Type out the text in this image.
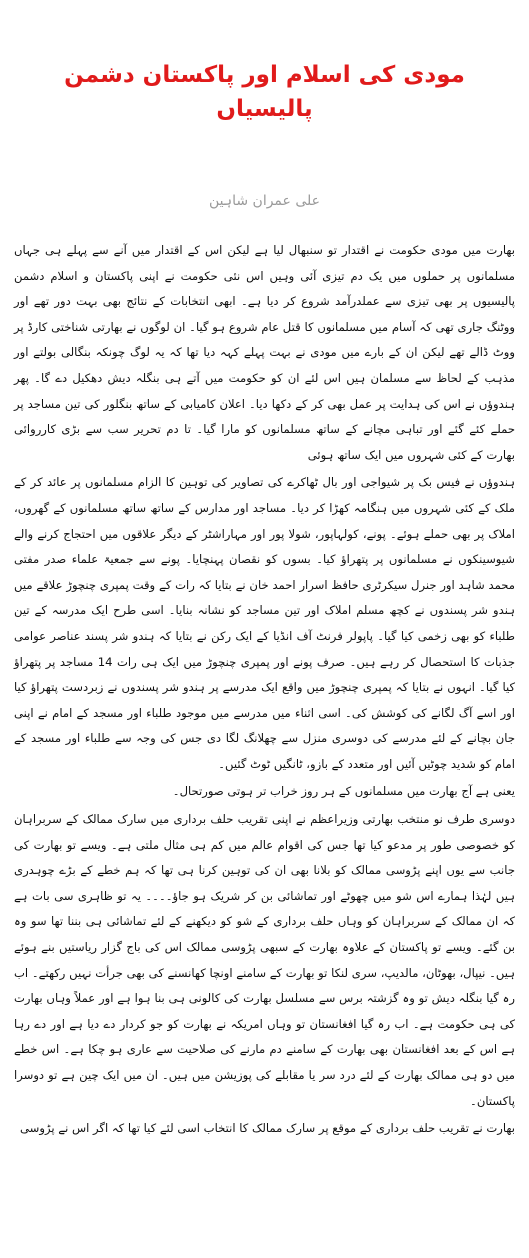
مودی کی اسلام اور پاکستان دشمن پالیسیاں
علی عمران شاہین

بھارت میں مودی حکومت نے اقتدار تو سنبھال لیا ہے لیکن اس کے اقتدار میں آنے سے پہلے ہی جہاں مسلمانوں پر حملوں میں یک دم تیزی آئی وہیں اس نئی حکومت نے اپنی پاکستان و اسلام دشمن پالیسیوں پر بھی تیزی سے عملدرآمد شروع کر دیا ہے۔ ابھی انتخابات کے نتائج بھی بہت دور تھے اور ووٹنگ جاری تھی کہ آسام میں مسلمانوں کا قتل عام شروع ہو گیا۔ ان لوگوں نے بھارتی شناختی کارڈ پر ووٹ ڈالے تھے لیکن ان کے بارے میں مودی نے بہت پہلے کہہ دیا تھا کہ یہ لوگ چونکہ بنگالی بولتے اور مذہب کے لحاظ سے مسلمان ہیں اس لئے ان کو حکومت میں آتے ہی بنگلہ دیش دھکیل دے گا۔ پھر ہندوؤں نے اس کی ہدایت پر عمل بھی کر کے دکھا دیا۔ اعلان کامیابی کے ساتھ بنگلور کی تین مساجد پر حملے کئے گئے اور تباہی مچانے کے ساتھ مسلمانوں کو مارا گیا۔ تا دم تحریر سب سے بڑی کارروائی بھارت کے کئی شہروں میں ایک ساتھ ہوئی

ہندوؤں نے فیس بک پر شیواجی اور بال ٹھاکرے کی تصاویر کی توہین کا الزام مسلمانوں پر عائد کر کے ملک کے کئی شہروں میں ہنگامہ کھڑا کر دیا۔ مساجد اور مدارس کے ساتھ ساتھ مسلمانوں کے گھروں، املاک پر بھی حملے ہوئے۔ پونے، کولہاپور، شولا پور اور مہاراشٹر کے دیگر علاقوں میں احتجاج کرنے والے شیوسینکوں نے مسلمانوں پر پتھراؤ کیا۔ بسوں کو نقصان پہنچایا۔ پونے سے جمعیۃ علماء صدر مفتی محمد شاہد اور جنرل سیکرٹری حافظ اسرار احمد خان نے بتایا کہ رات کے وقت پمپری چنچوڑ علاقے میں ہندو شر پسندوں نے کچھ مسلم املاک اور تین مساجد کو نشانہ بنایا۔ اسی طرح ایک مدرسہ کے تین طلباء کو بھی زخمی کیا گیا۔ پاپولر فرنٹ آف انڈیا کے ایک رکن نے بتایا کہ ہندو شر پسند عناصر عوامی جذبات کا استحصال کر رہے ہیں۔ صرف پونے اور پمپری چنچوڑ میں ایک ہی رات 14 مساجد پر پتھراؤ کیا گیا۔ انہوں نے بتایا کہ پمپری چنچوڑ میں واقع ایک مدرسے پر ہندو شر پسندوں نے زبردست پتھراؤ کیا اور اسے آگ لگانے کی کوشش کی۔ اسی اثناء میں مدرسے میں موجود طلباء اور مسجد کے امام نے اپنی جان بچانے کے لئے مدرسے کی دوسری منزل سے چھلانگ لگا دی جس کی وجہ سے طلباء اور مسجد کے امام کو شدید چوٹیں آئیں اور متعدد کے بازو، ٹانگیں ٹوٹ گئیں۔

یعنی ہے آج بھارت میں مسلمانوں کے ہر روز خراب تر ہوتی صورتحال۔

دوسری طرف نو منتخب بھارتی وزیراعظم نے اپنی تقریب حلف برداری میں سارک ممالک کے سربراہان کو خصوصی طور پر مدعو کیا تھا جس کی اقوام عالم میں کم ہی مثال ملتی ہے۔ ویسے تو بھارت کی جانب سے یوں اپنے پڑوسی ممالک کو بلانا بھی ان کی توہین کرنا ہی تھا کہ ہم خطے کے بڑے چوہدری ہیں لہٰذا ہمارے اس شو میں چھوٹے اور تماشائی بن کر شریک ہو جاؤ۔۔۔۔ یہ تو ظاہری سی بات ہے کہ ان ممالک کے سربراہان کو وہاں حلف برداری کے شو کو دیکھنے کے لئے تماشائی ہی بننا تھا سو وہ بن گئے۔ ویسے تو پاکستان کے علاوہ بھارت کے سبھی پڑوسی ممالک اس کی باج گزار ریاستیں بنے ہوئے ہیں۔ نیپال، بھوٹان، مالدیپ، سری لنکا تو بھارت کے سامنے اونچا کھانسنے کی بھی جرأت نہیں رکھتے۔ اب رہ گیا بنگلہ دیش تو وہ گزشتہ برس سے مسلسل بھارت کی کالونی ہی بنا ہوا ہے اور عملاً وہاں بھارت کی ہی حکومت ہے۔ اب رہ گیا افغانستان تو وہاں امریکہ نے بھارت کو جو کردار دے دیا ہے اور دے رہا ہے اس کے بعد افغانستان بھی بھارت کے سامنے دم مارنے کی صلاحیت سے عاری ہو چکا ہے۔ اس خطے میں دو ہی ممالک بھارت کے لئے درد سر یا مقابلے کی پوزیشن میں ہیں۔ ان میں ایک چین ہے تو دوسرا پاکستان۔

بھارت نے تقریب حلف برداری کے موقع پر سارک ممالک کا انتخاب اسی لئے کیا تھا کہ اگر اس نے پڑوسی
